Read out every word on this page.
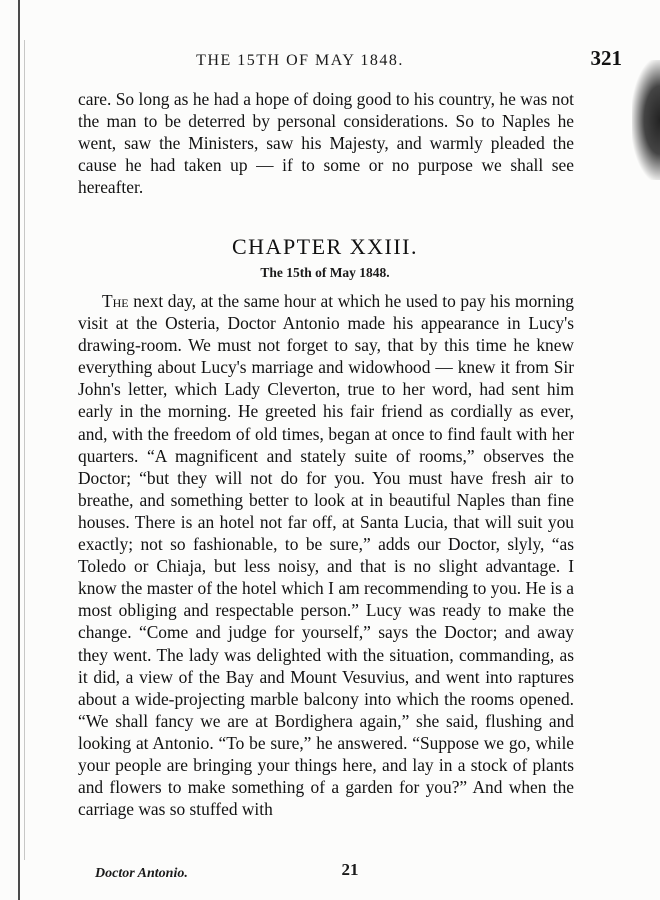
THE 15TH OF MAY 1848.	321

care. So long as he had a hope of doing good to his country, he was not the man to be deterred by personal considerations. So to Naples he went, saw the Ministers, saw his Majesty, and warmly pleaded the cause he had taken up — if to some or no purpose we shall see hereafter.

CHAPTER XXIII.
The 15th of May 1848.

The next day, at the same hour at which he used to pay his morning visit at the Osteria, Doctor Antonio made his appearance in Lucy's drawing-room. We must not forget to say, that by this time he knew everything about Lucy's marriage and widowhood — knew it from Sir John's letter, which Lady Cleverton, true to her word, had sent him early in the morning. He greeted his fair friend as cordially as ever, and, with the freedom of old times, began at once to find fault with her quarters. “A magnificent and stately suite of rooms,” observes the Doctor; “but they will not do for you. You must have fresh air to breathe, and something better to look at in beautiful Naples than fine houses. There is an hotel not far off, at Santa Lucia, that will suit you exactly; not so fashionable, to be sure,” adds our Doctor, slyly, “as Toledo or Chiaja, but less noisy, and that is no slight advantage. I know the master of the hotel which I am recommending to you. He is a most obliging and respectable person.” Lucy was ready to make the change. “Come and judge for yourself,” says the Doctor; and away they went. The lady was delighted with the situation, commanding, as it did, a view of the Bay and Mount Vesuvius, and went into raptures about a wide-projecting marble balcony into which the rooms opened. “We shall fancy we are at Bordighera again,” she said, flushing and looking at Antonio. “To be sure,” he answered. “Suppose we go, while your people are bringing your things here, and lay in a stock of plants and flowers to make something of a garden for you?” And when the carriage was so stuffed with

Doctor Antonio.	21
